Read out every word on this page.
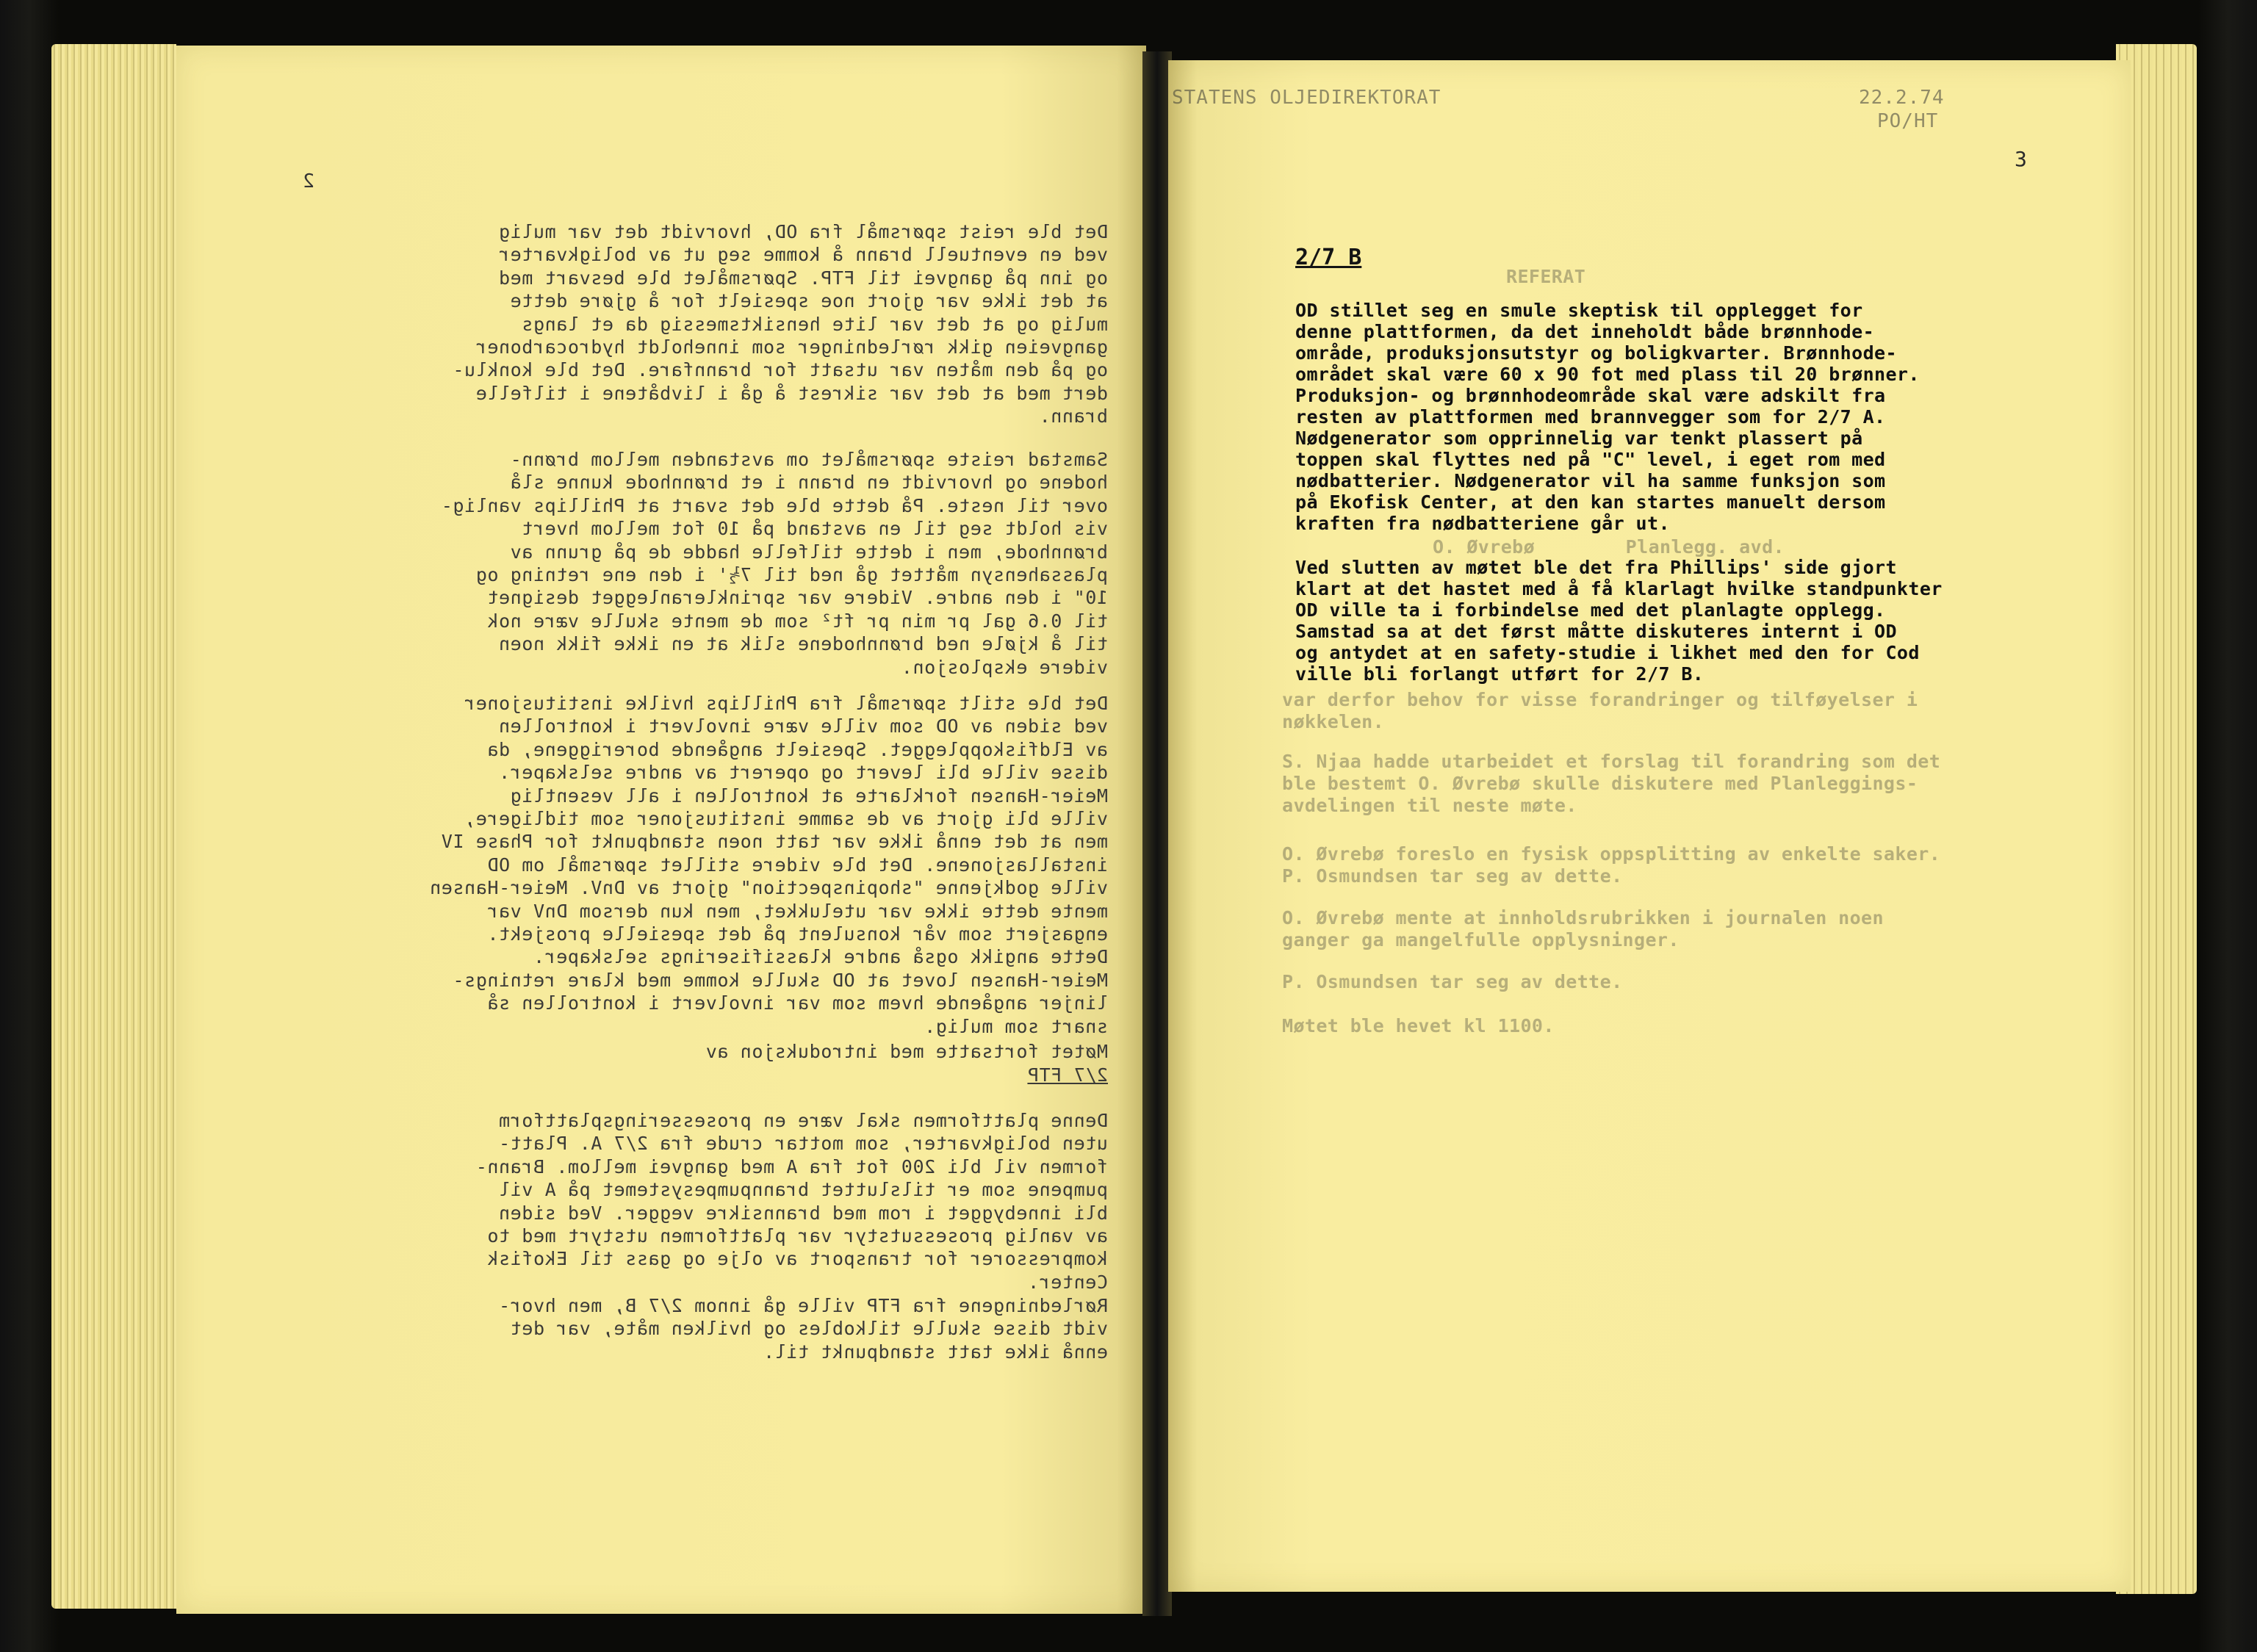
2
Det ble reist spørsmål fra OD, hvorvidt det var mulig
ved en eventuell brann å komme seg ut av boligkvarter
og inn på gangvei til FTP. Spørsmålet ble besvart med
at det ikke var gjort noe spesielt for å gjøre dette
mulig og at det var lite hensiktsmessig da et langs
gangveien gikk rørledninger som inneholdt hydrocarboner
og på den måten var utsatt for brannfare. Det ble konklu-
dert med at det var sikrest å gå i livbåtene i tilfelle
brann.
Samstad reiste spørsmålet om avstanden mellom brønn-
hodene og hvorvidt en brann i et brønnhode kunne slå
over til neste. På dette ble det svart at Phillips vanlig-
vis holdt seg til en avstand på 10 fot mellom hvert
brønnhode, men i dette tilfelle hadde de på grunn av
plassahensyn måttet gå ned til 7½' i den ene retning og
10" i den andre. Videre var sprinkleranlegget designet
til 0.6 gal pr min pr ft² som de mente skulle være nok
til å kjøle ned brønnhodene slik at en ikke fikk noen
videre eksplosjon.
Det ble stilt spørsmål fra Phillips hvilke institusjoner
ved siden av OD som ville være involvert i kontrollen
av Eldfiskopplegget. Spesielt angående boreriggene, da
disse ville bli levert og operert av andre selskaper.
Meier-Hansen forklarte at kontrollen i all vesentlig
ville bli gjort av de samme institusjoner som tidligere,
men at det ennå ikke var tatt noen standpunkt for Phase IV
installasjonene. Det ble videre stillet spørsmål om OD
ville godkjenne "shopinspection" gjort av DnV. Meier-Hansen
mente dette ikke var utelukket, men kun dersom DnV var
engasjert som vår konsulent på det spesielle prosjekt.
Dette angikk også andre klassifiserings selskaper.
Meier-Hansen lovet at OD skulle komme med klare retnings-
linjer angående hvem som var involvert i kontrollen så
snart som mulig.
Møtet fortsatte med introduksjon av
2/7 FTP
Denne plattformen skal være en prosesseringsplattform
uten boligkvarter, som mottar crude fra 2/7 A. Platt-
formen vil bli 200 fot fra A med gangvei mellom. Brann-
pumpene som er tilsluttet brannpumpesystemet på A vil
bli innebygget i rom med brannsikre vegger. Ved siden
av vanlig prosessutstyr var plattformen utstyrt med to
kompressorer for transport av olje og gass til Ekofisk
Center.
Rørledningene fra FTP ville gå innom 2/7 B, men hvor-
vidt disse skulle tilkobles og hvilken måte, var det
ennå ikke tatt standpunkt til.
STATENS OLJEDIREKTORAT	22.2.74
PO/HT
3
REFERAT
O. Øvrebø        Planlegg. avd.
var derfor behov for visse forandringer og tilføyelser i
nøkkelen.
S. Njaa hadde utarbeidet et forslag til forandring som det
ble bestemt O. Øvrebø skulle diskutere med Planleggings-
avdelingen til neste møte.
O. Øvrebø foreslo en fysisk oppsplitting av enkelte saker.
P. Osmundsen tar seg av dette.
O. Øvrebø mente at innholdsrubrikken i journalen noen
ganger ga mangelfulle opplysninger.
P. Osmundsen tar seg av dette.
Møtet ble hevet kl 1100.
2/7 B
OD stillet seg en smule skeptisk til opplegget for
denne plattformen, da det inneholdt både brønnhode-
område, produksjonsutstyr og boligkvarter. Brønnhode-
området skal være 60 x 90 fot med plass til 20 brønner.
Produksjon- og brønnhodeområde skal være adskilt fra
resten av plattformen med brannvegger som for 2/7 A.
Nødgenerator som opprinnelig var tenkt plassert på
toppen skal flyttes ned på "C" level, i eget rom med
nødbatterier. Nødgenerator vil ha samme funksjon som
på Ekofisk Center, at den kan startes manuelt dersom
kraften fra nødbatteriene går ut.
Ved slutten av møtet ble det fra Phillips' side gjort
klart at det hastet med å få klarlagt hvilke standpunkter
OD ville ta i forbindelse med det planlagte opplegg.
Samstad sa at det først måtte diskuteres internt i OD
og antydet at en safety-studie i likhet med den for Cod
ville bli forlangt utført for 2/7 B.
